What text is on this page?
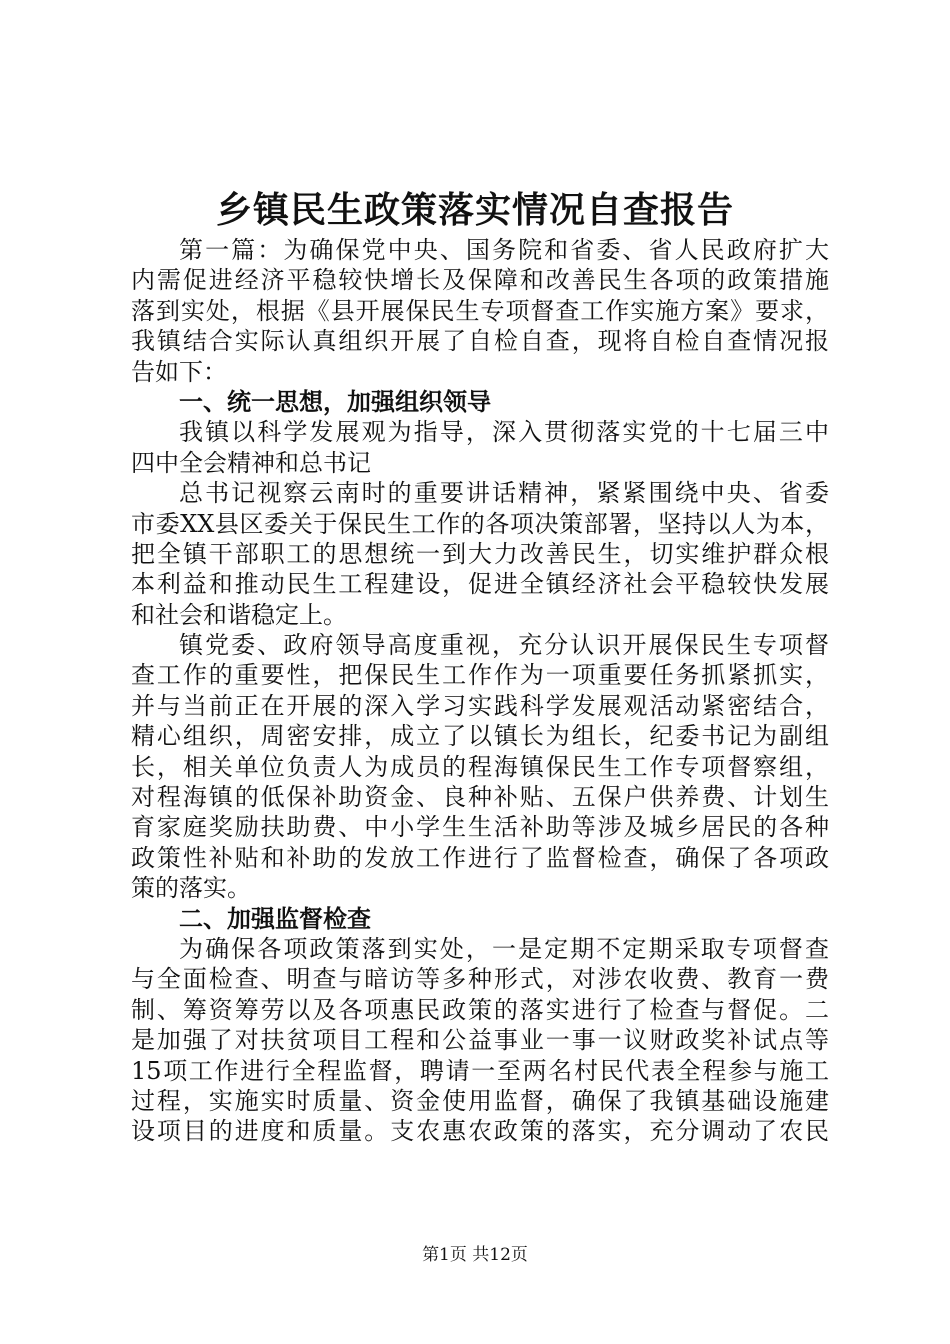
乡镇民生政策落实情况自查报告
第一篇：为确保党中央、国务院和省委、省人民政府扩大
内需促进经济平稳较快增长及保障和改善民生各项的政策措施
落到实处，根据《县开展保民生专项督查工作实施方案》要求，
我镇结合实际认真组织开展了自检自查，现将自检自查情况报
告如下：
一、统一思想，加强组织领导
我镇以科学发展观为指导，深入贯彻落实党的十七届三中
四中全会精神和总书记
总书记视察云南时的重要讲话精神，紧紧围绕中央、省委
市委XX县区委关于保民生工作的各项决策部署，坚持以人为本，
把全镇干部职工的思想统一到大力改善民生，切实维护群众根
本利益和推动民生工程建设，促进全镇经济社会平稳较快发展
和社会和谐稳定上。
镇党委、政府领导高度重视，充分认识开展保民生专项督
查工作的重要性，把保民生工作作为一项重要任务抓紧抓实，
并与当前正在开展的深入学习实践科学发展观活动紧密结合，
精心组织，周密安排，成立了以镇长为组长，纪委书记为副组
长，相关单位负责人为成员的程海镇保民生工作专项督察组，
对程海镇的低保补助资金、良种补贴、五保户供养费、计划生
育家庭奖励扶助费、中小学生生活补助等涉及城乡居民的各种
政策性补贴和补助的发放工作进行了监督检查，确保了各项政
策的落实。
二、加强监督检查
为确保各项政策落到实处，一是定期不定期采取专项督查
与全面检查、明查与暗访等多种形式，对涉农收费、教育一费
制、筹资筹劳以及各项惠民政策的落实进行了检查与督促。二
是加强了对扶贫项目工程和公益事业一事一议财政奖补试点等
15项工作进行全程监督，聘请一至两名村民代表全程参与施工
过程，实施实时质量、资金使用监督，确保了我镇基础设施建
设项目的进度和质量。支农惠农政策的落实，充分调动了农民
第1页 共12页
